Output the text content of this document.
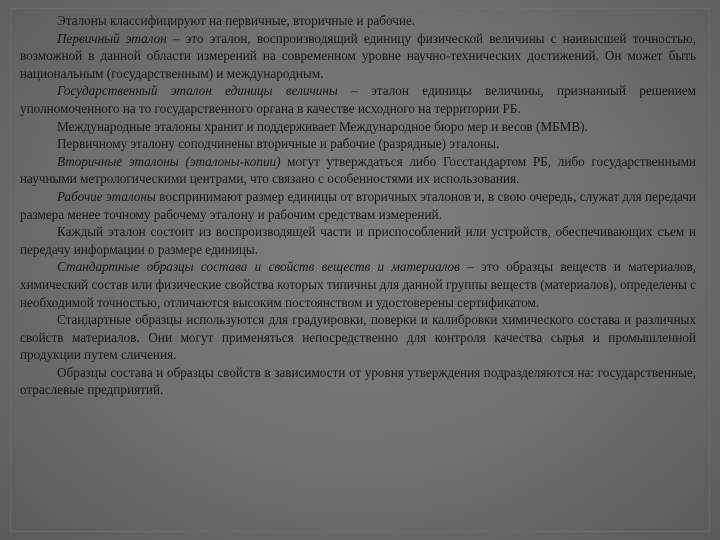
Эталоны классифицируют на первичные, вторичные и рабочие.

Первичный эталон – это эталон, воспроизводящий единицу физической величины с наивысшей точностью, возможной в данной области измерений на современном уровне научно-технических достижений. Он может быть национальным (государственным) и международным.

Государственный эталон единицы величины – эталон единицы величины, признанный решением уполномоченного на то государственного органа в качестве исходного на территории РБ.

Международные эталоны хранит и поддерживает Международное бюро мер и весов (МБМВ).

Первичному эталону соподчинены вторичные и рабочие (разрядные) эталоны.

Вторичные эталоны (эталоны-копии) могут утверждаться либо Госстандартом РБ, либо государственными научными метрологическими центрами, что связано с особенностями их использования.

Рабочие эталоны воспринимают размер единицы от вторичных эталонов и, в свою очередь, служат для передачи размера менее точному рабочему эталону и рабочим средствам измерений.

Каждый эталон состоит из воспроизводящей части и приспособлений или устройств, обеспечивающих съем и передачу информации о размере единицы.

Стандартные образцы состава и свойств веществ и материалов – это образцы веществ и материалов, химический состав или физические свойства которых типичны для данной группы веществ (материалов), определены с необходимой точностью, отличаются высоким постоянством и удостоверены сертификатом.

Стандартные образцы используются для градуировки, поверки и калибровки химического состава и различных свойств материалов. Они могут применяться непосредственно для контроля качества сырья и промышленной продукции путем сличения.

Образцы состава и образцы свойств в зависимости от уровня утверждения подразделяются на: государственные, отраслевые предприятий.
